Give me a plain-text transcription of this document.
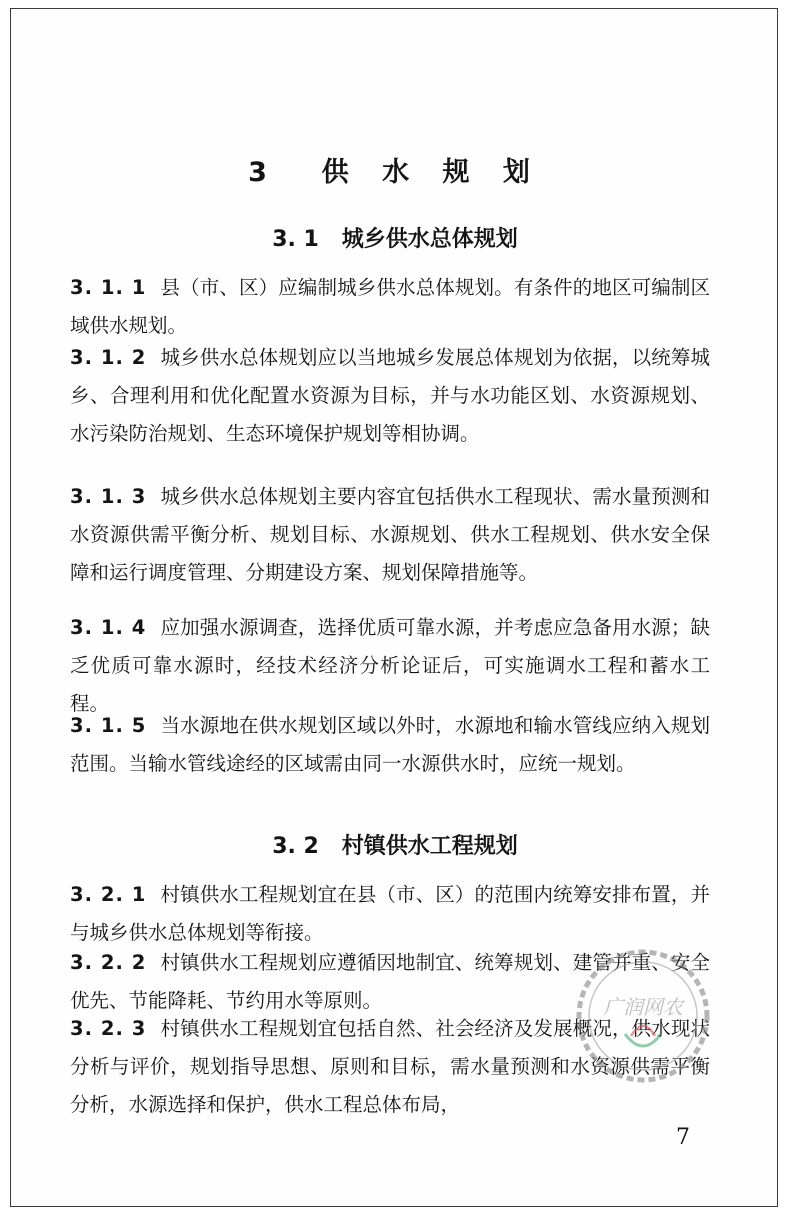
3  供 水 规 划
3. 1   城乡供水总体规划
3. 1. 1 县（市、区）应编制城乡供水总体规划。有条件的地区可编制区域供水规划。
3. 1. 2 城乡供水总体规划应以当地城乡发展总体规划为依据，以统筹城乡、合理利用和优化配置水资源为目标，并与水功能区划、水资源规划、水污染防治规划、生态环境保护规划等相协调。
3. 1. 3 城乡供水总体规划主要内容宜包括供水工程现状、需水量预测和水资源供需平衡分析、规划目标、水源规划、供水工程规划、供水安全保障和运行调度管理、分期建设方案、规划保障措施等。
3. 1. 4 应加强水源调查，选择优质可靠水源，并考虑应急备用水源；缺乏优质可靠水源时，经技术经济分析论证后，可实施调水工程和蓄水工程。
3. 1. 5 当水源地在供水规划区域以外时，水源地和输水管线应纳入规划范围。当输水管线途经的区域需由同一水源供水时，应统一规划。
3. 2   村镇供水工程规划
3. 2. 1 村镇供水工程规划宜在县（市、区）的范围内统筹安排布置，并与城乡供水总体规划等衔接。
3. 2. 2 村镇供水工程规划应遵循因地制宜、统筹规划、建管并重、安全优先、节能降耗、节约用水等原则。
3. 2. 3 村镇供水工程规划宜包括自然、社会经济及发展概况，供水现状分析与评价，规划指导思想、原则和目标，需水量预测和水资源供需平衡分析，水源选择和保护，供水工程总体布局，
广润网农
7
